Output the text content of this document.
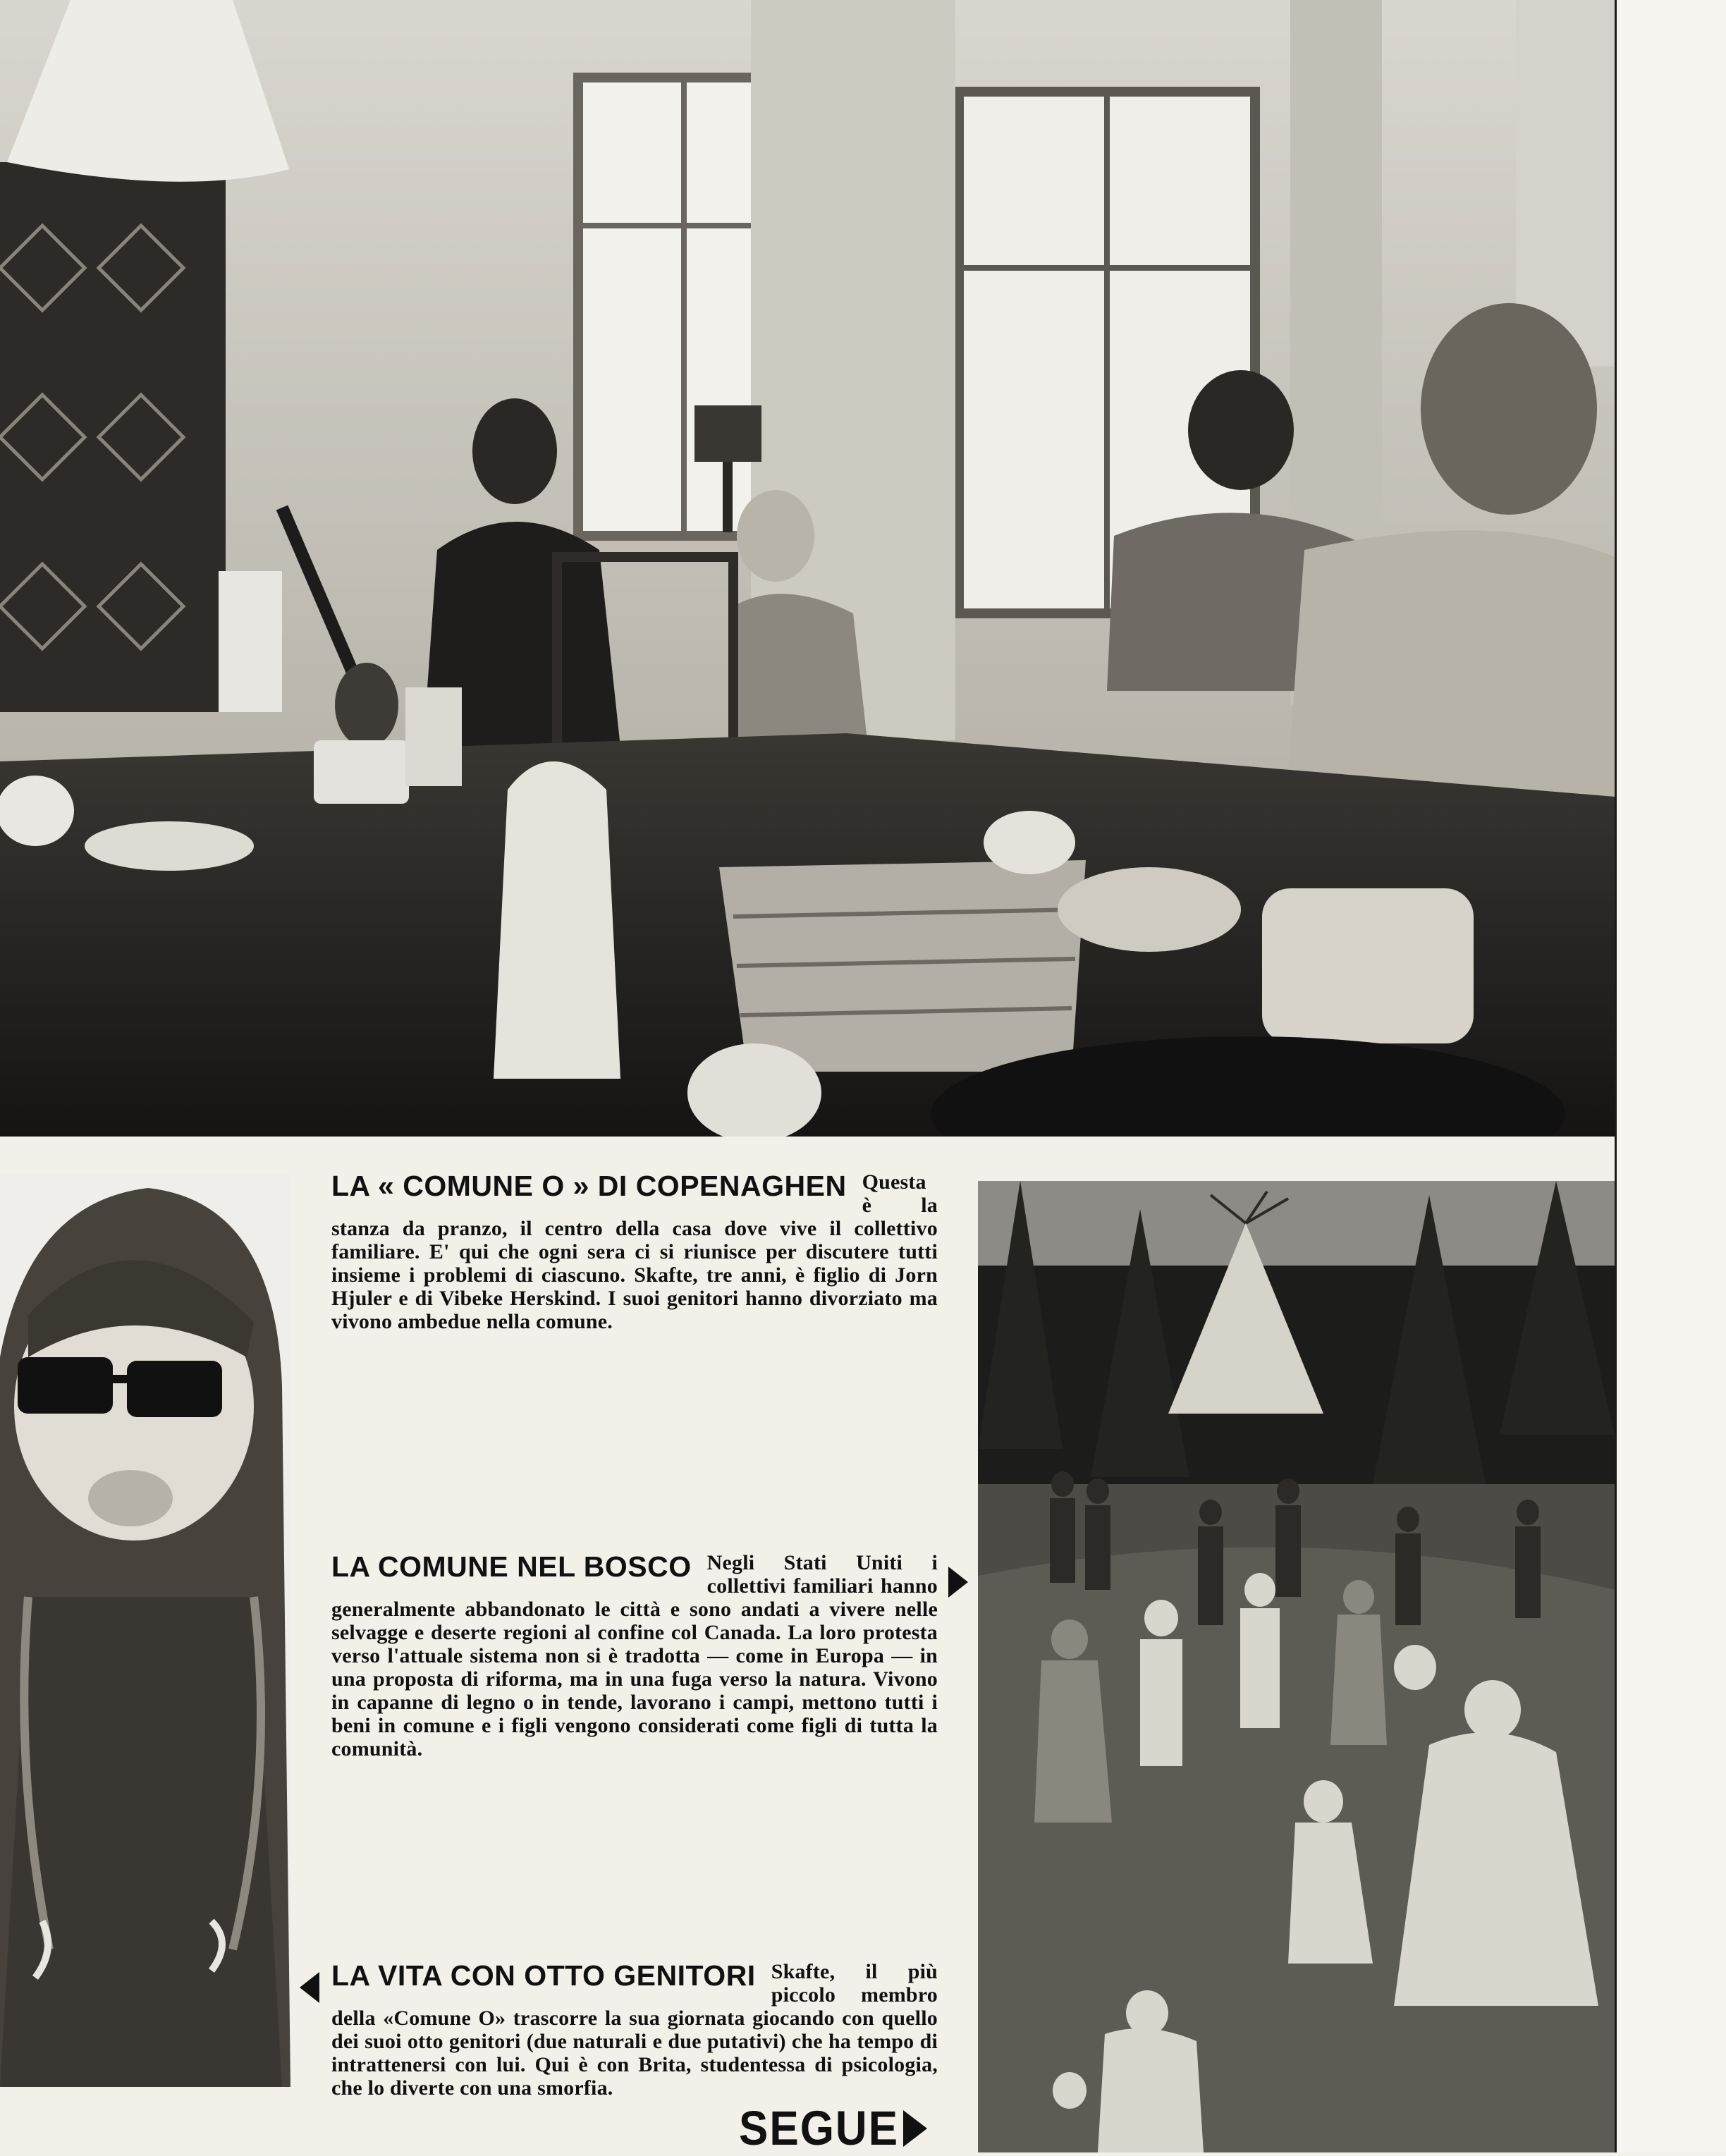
LA « COMUNE O » DI COPENAGHEN Questa è la stanza da pranzo, il centro della casa dove vive il collettivo familiare. E' qui che ogni sera ci si riunisce per discutere tutti insieme i problemi di ciascuno. Skafte, tre anni, è figlio di Jorn Hjuler e di Vibeke Herskind. I suoi genitori hanno divorziato ma vivono ambedue nella comune.

LA COMUNE NEL BOSCO Negli Stati Uniti i collettivi familiari hanno generalmente abbandonato le città e sono andati a vivere nelle selvagge e deserte regioni al confine col Canada. La loro protesta verso l'attuale sistema non si è tradotta — come in Europa — in una proposta di riforma, ma in una fuga verso la natura. Vivono in capanne di legno o in tende, lavorano i campi, mettono tutti i beni in comune e i figli vengono considerati come figli di tutta la comunità.

LA VITA CON OTTO GENITORI Skafte, il più piccolo membro della «Comune O» trascorre la sua giornata giocando con quello dei suoi otto genitori (due naturali e due putativi) che ha tempo di intrattenersi con lui. Qui è con Brita, studentessa di psicologia, che lo diverte con una smorfia.

SEGUE
